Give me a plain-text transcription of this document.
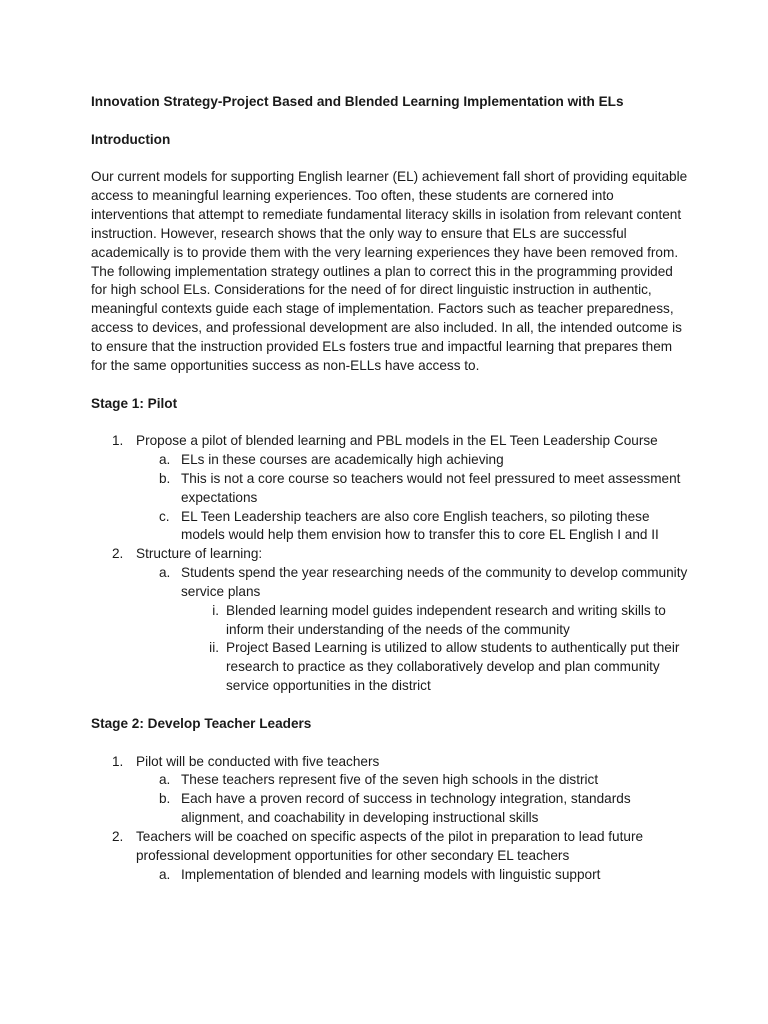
Innovation Strategy-Project Based and Blended Learning Implementation with ELs

Introduction

Our current models for supporting English learner (EL) achievement fall short of providing equitable access to meaningful learning experiences. Too often, these students are cornered into interventions that attempt to remediate fundamental literacy skills in isolation from relevant content instruction. However, research shows that the only way to ensure that ELs are successful academically is to provide them with the very learning experiences they have been removed from. The following implementation strategy outlines a plan to correct this in the programming provided for high school ELs. Considerations for the need of for direct linguistic instruction in authentic, meaningful contexts guide each stage of implementation. Factors such as teacher preparedness, access to devices, and professional development are also included. In all, the intended outcome is to ensure that the instruction provided ELs fosters true and impactful learning that prepares them for the same opportunities success as non-ELLs have access to.

Stage 1: Pilot

1. Propose a pilot of blended learning and PBL models in the EL Teen Leadership Course
a. ELs in these courses are academically high achieving
b. This is not a core course so teachers would not feel pressured to meet assessment expectations
c. EL Teen Leadership teachers are also core English teachers, so piloting these models would help them envision how to transfer this to core EL English I and II
2. Structure of learning:
a. Students spend the year researching needs of the community to develop community service plans
i. Blended learning model guides independent research and writing skills to inform their understanding of the needs of the community
ii. Project Based Learning is utilized to allow students to authentically put their research to practice as they collaboratively develop and plan community service opportunities in the district

Stage 2: Develop Teacher Leaders

1. Pilot will be conducted with five teachers
a. These teachers represent five of the seven high schools in the district
b. Each have a proven record of success in technology integration, standards alignment, and coachability in developing instructional skills
2. Teachers will be coached on specific aspects of the pilot in preparation to lead future professional development opportunities for other secondary EL teachers
a. Implementation of blended and learning models with linguistic support
